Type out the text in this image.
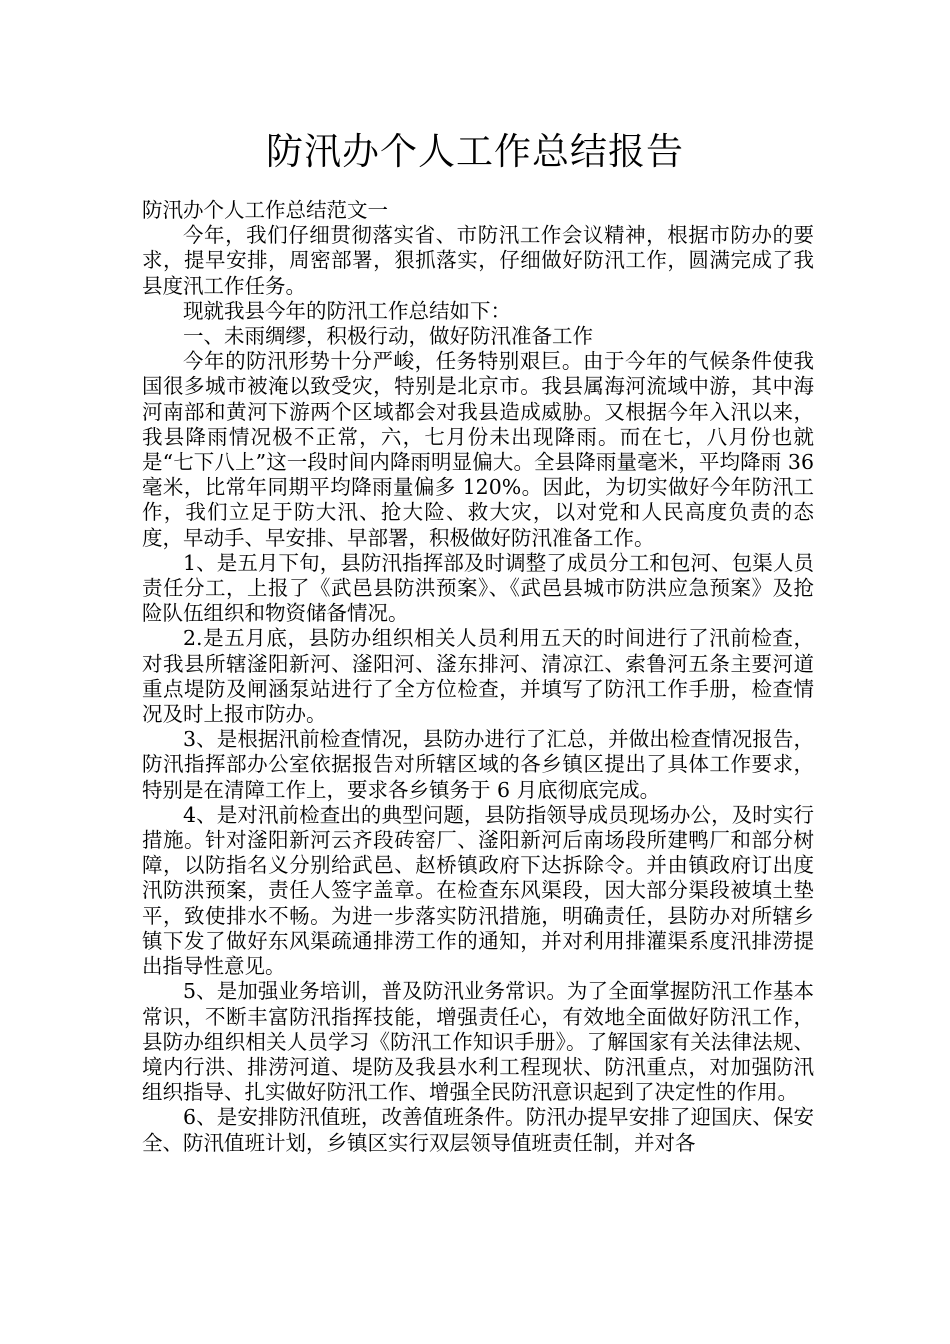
防汛办个人工作总结报告

防汛办个人工作总结范文一

今年，我们仔细贯彻落实省、市防汛工作会议精神，根据市防办的要求，提早安排，周密部署，狠抓落实，仔细做好防汛工作，圆满完成了我县度汛工作任务。

现就我县今年的防汛工作总结如下：

一、未雨绸缪，积极行动，做好防汛准备工作

今年的防汛形势十分严峻，任务特别艰巨。由于今年的气候条件使我国很多城市被淹以致受灾，特别是北京市。我县属海河流域中游，其中海河南部和黄河下游两个区域都会对我县造成威胁。又根据今年入汛以来，我县降雨情况极不正常，六，七月份未出现降雨。而在七，八月份也就是“七下八上”这一段时间内降雨明显偏大。全县降雨量毫米，平均降雨 36 毫米，比常年同期平均降雨量偏多 120%。因此，为切实做好今年防汛工作，我们立足于防大汛、抢大险、救大灾，以对党和人民高度负责的态度，早动手、早安排、早部署，积极做好防汛准备工作。

1、是五月下旬，县防汛指挥部及时调整了成员分工和包河、包渠人员责任分工，上报了《武邑县防洪预案》、《武邑县城市防洪应急预案》及抢险队伍组织和物资储备情况。

2.是五月底，县防办组织相关人员利用五天的时间进行了汛前检查，对我县所辖滏阳新河、滏阳河、滏东排河、清凉江、索鲁河五条主要河道重点堤防及闸涵泵站进行了全方位检查，并填写了防汛工作手册，检查情况及时上报市防办。

3、是根据汛前检查情况，县防办进行了汇总，并做出检查情况报告，防汛指挥部办公室依据报告对所辖区域的各乡镇区提出了具体工作要求，特别是在清障工作上，要求各乡镇务于 6 月底彻底完成。

4、是对汛前检查出的典型问题，县防指领导成员现场办公，及时实行措施。针对滏阳新河云齐段砖窑厂、滏阳新河后南场段所建鸭厂和部分树障，以防指名义分别给武邑、赵桥镇政府下达拆除令。并由镇政府订出度汛防洪预案，责任人签字盖章。在检查东风渠段，因大部分渠段被填土垫平，致使排水不畅。为进一步落实防汛措施，明确责任，县防办对所辖乡镇下发了做好东风渠疏通排涝工作的通知，并对利用排灌渠系度汛排涝提出指导性意见。

5、是加强业务培训，普及防汛业务常识。为了全面掌握防汛工作基本常识，不断丰富防汛指挥技能，增强责任心，有效地全面做好防汛工作，县防办组织相关人员学习《防汛工作知识手册》。了解国家有关法律法规、境内行洪、排涝河道、堤防及我县水利工程现状、防汛重点，对加强防汛组织指导、扎实做好防汛工作、增强全民防汛意识起到了决定性的作用。

6、是安排防汛值班，改善值班条件。防汛办提早安排了迎国庆、保安全、防汛值班计划，乡镇区实行双层领导值班责任制，并对各
